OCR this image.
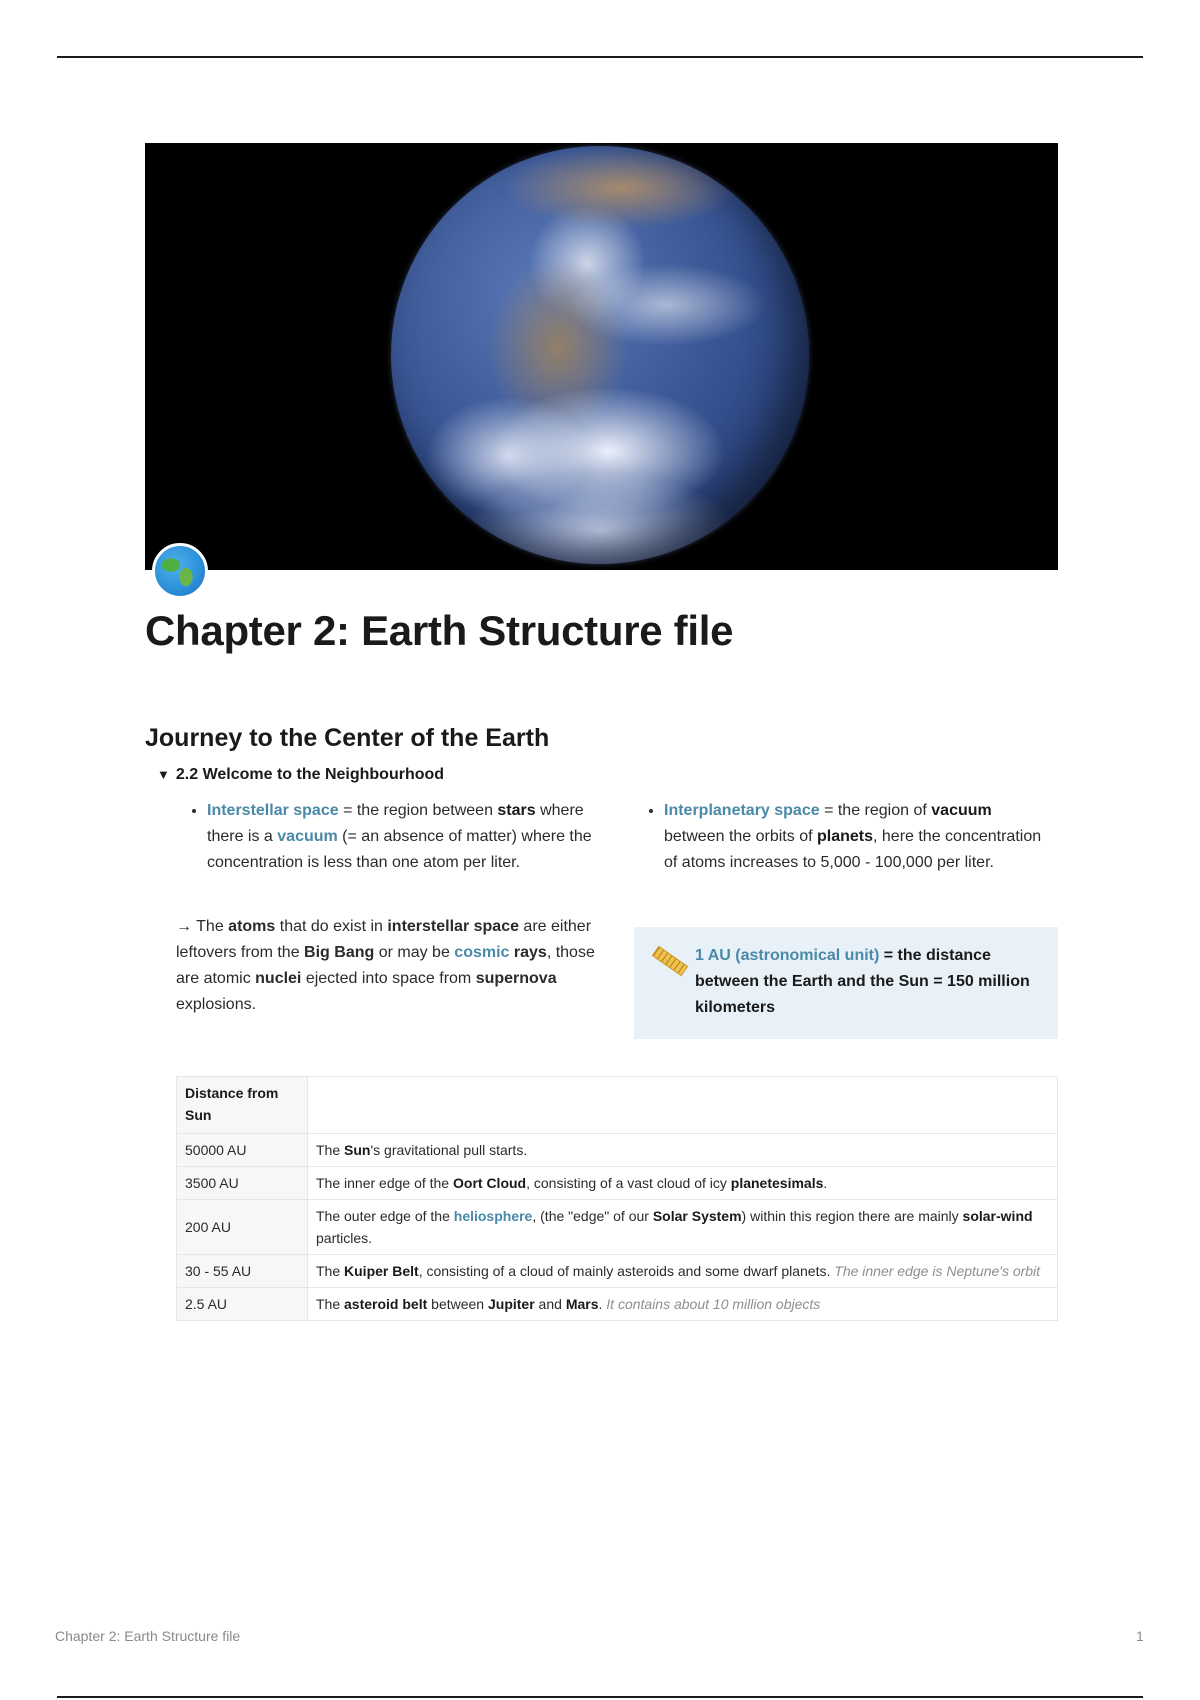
Chapter 2: Earth Structure file
Journey to the Center of the Earth
▼ 2.2 Welcome to the Neighbourhood
• Interstellar space = the region between stars where there is a vacuum (= an absence of matter) where the concentration is less than one atom per liter.

→ The atoms that do exist in interstellar space are either leftovers from the Big Bang or may be cosmic rays, those are atomic nuclei ejected into space from supernova explosions.

• Interplanetary space = the region of vacuum between the orbits of planets, here the concentration of atoms increases to 5,000 - 100,000 per liter.
1 AU (astronomical unit) = the distance between the Earth and the Sun = 150 million kilometers
Distance from Sun	
50000 AU	The Sun's gravitational pull starts.
3500 AU	The inner edge of the Oort Cloud, consisting of a vast cloud of icy planetesimals.
200 AU	The outer edge of the heliosphere, (the "edge" of our Solar System) within this region there are mainly solar-wind particles.
30 - 55 AU	The Kuiper Belt, consisting of a cloud of mainly asteroids and some dwarf planets. The inner edge is Neptune's orbit
2.5 AU	The asteroid belt between Jupiter and Mars. It contains about 10 million objects
Chapter 2: Earth Structure file	1
